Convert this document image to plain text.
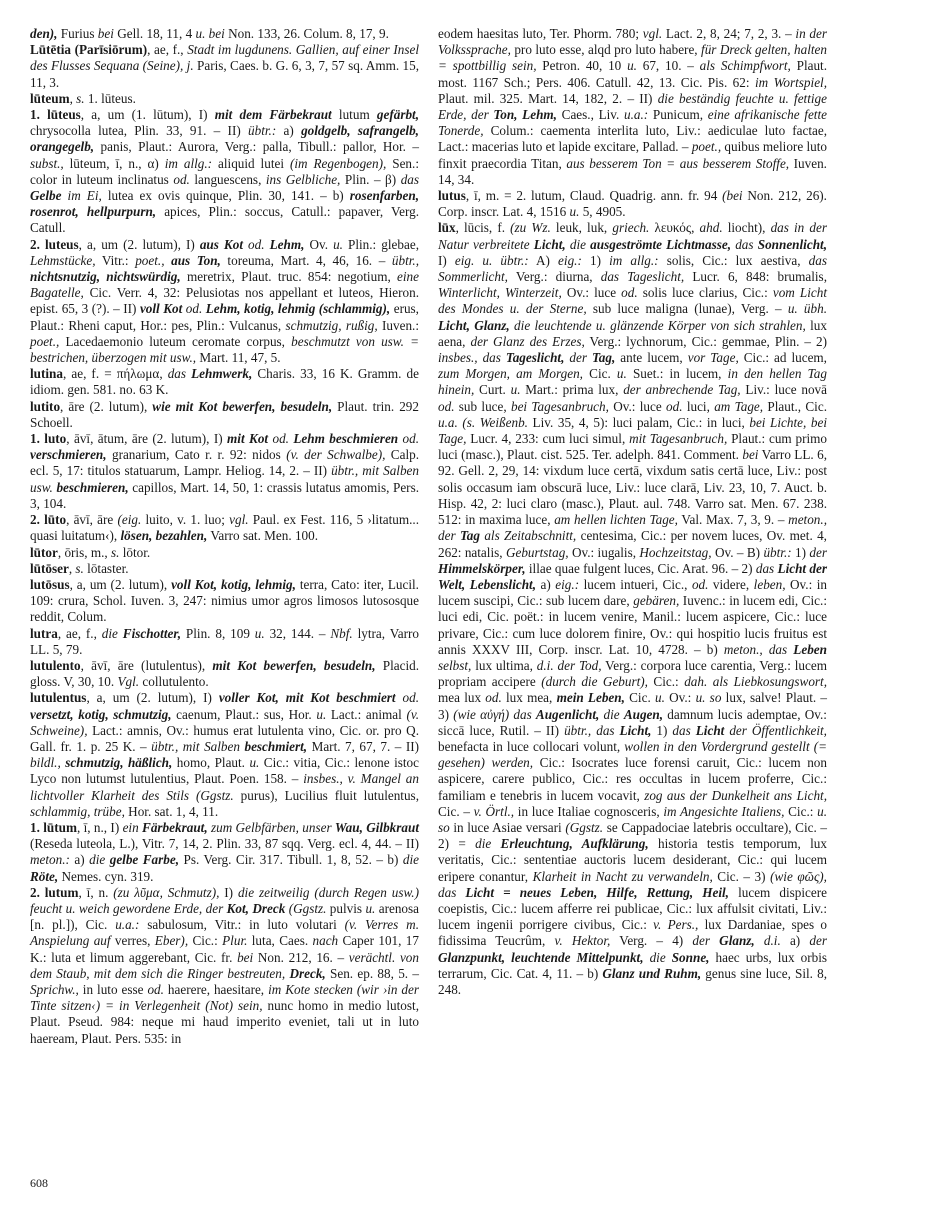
den), Furius bei Gell. 18, 11, 4 u. bei Non. 133, 26. Colum. 8, 17, 9.

Lūtētia (Parīsiōrum), ae, f., Stadt im lugdunens. Gallien, auf einer Insel des Flusses Sequana (Seine), j. Paris, Caes. b. G. 6, 3, 7, 57 sq. Amm. 15, 11, 3.

lūteum, s. 1. lūteus.

1. lūteus, a, um (1. lūtum), I) mit dem Färbekraut lutum gefärbt, chrysocolla lutea, Plin. 33, 91. – II) übtr.: a) goldgelb, safrangelb, orangegelb, panis, Plaut.: Aurora, Verg.: palla, Tibull.: pallor, Hor. – subst., lūteum, ī, n., α) im allg.: aliquid lutei (im Regenbogen), Sen.: color in luteum inclinatus od. languescens, ins Gelbliche, Plin. – β) das Gelbe im Ei, lutea ex ovis quinque, Plin. 30, 141. – b) rosenfarben, rosenrot, hellpurpurn, apices, Plin.: soccus, Catull.: papaver, Verg. Catull.

2. luteus, a, um (2. lutum), I) aus Kot od. Lehm, Ov. u. Plin.: glebae, Lehmstücke, Vitr.: poet., aus Ton, toreuma, Mart. 4, 46, 16. – übtr., nichtsnutzig, nichtswürdig, meretrix, Plaut. truc. 854: negotium, eine Bagatelle, Cic. Verr. 4, 32: Pelusiotas nos appellant et luteos, Hieron. epist. 65, 3 (?). – II) voll Kot od. Lehm, kotig, lehmig (schlammig), erus, Plaut.: Rheni caput, Hor.: pes, Plin.: Vulcanus, schmutzig, rußig, Iuven.: poet., Lacedaemonio luteum ceromate corpus, beschmutzt von usw. = bestrichen, überzogen mit usw., Mart. 11, 47, 5.

lutina, ae, f. = πήλωμα, das Lehmwerk, Charis. 33, 16 K. Gramm. de idiom. gen. 581. no. 63 K.

lutito, āre (2. lutum), wie mit Kot bewerfen, besudeln, Plaut. trin. 292 Schoell.

1. luto, āvī, ātum, āre (2. lutum), I) mit Kot od. Lehm beschmieren od. verschmieren, granarium, Cato r. r. 92: nidos (v. der Schwalbe), Calp. ecl. 5, 17: titulos statuarum, Lampr. Heliog. 14, 2. – II) übtr., mit Salben usw. beschmieren, capillos, Mart. 14, 50, 1: crassis lutatus amomis, Pers. 3, 104.

2. lūto, āvī, āre (eig. luito, v. 1. luo; vgl. Paul. ex Fest. 116, 5 ›litatum... quasi luitatum‹), lösen, bezahlen, Varro sat. Men. 100.

lūtor, ōris, m., s. lōtor.

lūtōser, s. lōtaster.

lutōsus, a, um (2. lutum), voll Kot, kotig, lehmig, terra, Cato: iter, Lucil. 109: crura, Schol. Iuven. 3, 247: nimius umor agros limosos lutososque reddit, Colum.

lutra, ae, f., die Fischotter, Plin. 8, 109 u. 32, 144. – Nbf. lytra, Varro LL. 5, 79.

lutulento, āvī, āre (lutulentus), mit Kot bewerfen, besudeln, Placid. gloss. V, 30, 10. Vgl. collutulento.

lutulentus, a, um (2. lutum), I) voller Kot, mit Kot beschmiert od. versetzt, kotig, schmutzig, caenum, Plaut.: sus, Hor. u. Lact.: animal (v. Schweine), Lact.: amnis, Ov.: humus erat lutulenta vino, Cic. or. pro Q. Gall. fr. 1. p. 25 K. – übtr., mit Salben beschmiert, Mart. 7, 67, 7. – II) bildl., schmutzig, häßlich, homo, Plaut. u. Cic.: vitia, Cic.: lenone istoc Lyco non lutumst lutulentius, Plaut. Poen. 158. – insbes., v. Mangel an lichtvoller Klarheit des Stils (Ggstz. purus), Lucilius fluit lutulentus, schlammig, trübe, Hor. sat. 1, 4, 11.

1. lūtum, ī, n., I) ein Färbekraut, zum Gelbfärben, unser Wau, Gilbkraut (Reseda luteola, L.), Vitr. 7, 14, 2. Plin. 33, 87 sqq. Verg. ecl. 4, 44. – II) meton.: a) die gelbe Farbe, Ps. Verg. Cir. 317. Tibull. 1, 8, 52. – b) die Röte, Nemes. cyn. 319.

2. lutum, ī, n. (zu λῦμα, Schmutz), I) die zeitweilig (durch Regen usw.) feucht u. weich gewordene Erde, der Kot, Dreck (Ggstz. pulvis u. arenosa [n. pl.]), Cic. u.a.: sabulosum, Vitr.: in luto volutari (v. Verres m. Anspielung auf verres, Eber), Cic.: Plur. luta, Caes. nach Caper 101, 17 K.: luta et limum aggerebant, Cic. fr. bei Non. 212, 16. – verächtl. von dem Staub, mit dem sich die Ringer bestreuten, Dreck, Sen. ep. 88, 5. – Sprichw., in luto esse od. haerere, haesitare, im Kote stecken (wir ›in der Tinte sitzen‹) = in Verlegenheit (Not) sein, nunc homo in medio lutost, Plaut. Pseud. 984: neque mi haud imperito eveniet, tali ut in luto haeream, Plaut. Pers. 535: in

eodem haesitas luto, Ter. Phorm. 780; vgl. Lact. 2, 8, 24; 7, 2, 3. – in der Volkssprache, pro luto esse, alqd pro luto habere, für Dreck gelten, halten = spottbillig sein, Petron. 40, 10 u. 67, 10. – als Schimpfwort, Plaut. most. 1167 Sch.; Pers. 406. Catull. 42, 13. Cic. Pis. 62: im Wortspiel, Plaut. mil. 325. Mart. 14, 182, 2. – II) die beständig feuchte u. fettige Erde, der Ton, Lehm, Caes., Liv. u.a.: Punicum, eine afrikanische fette Tonerde, Colum.: caementa interlita luto, Liv.: aediculae luto factae, Lact.: macerias luto et lapide excitare, Pallad. – poet., quibus meliore luto finxit praecordia Titan, aus besserem Ton = aus besserem Stoffe, Iuven. 14, 34.

lutus, ī, m. = 2. lutum, Claud. Quadrig. ann. fr. 94 (bei Non. 212, 26). Corp. inscr. Lat. 4, 1516 u. 5, 4905.

lūx, lūcis, f. (zu Wz. leuk, luk, griech. λευκός, ahd. liocht), das in der Natur verbreitete Licht, die ausgeströmte Lichtmasse, das Sonnenlicht, I) eig. u. übtr.: A) eig.: 1) im allg.: solis, Cic.: lux aestiva, das Sommerlicht, Verg.: diurna, das Tageslicht, Lucr. 6, 848: brumalis, Winterlicht, Winterzeit, Ov.: luce od. solis luce clarius, Cic.: vom Licht des Mondes u. der Sterne, sub luce maligna (lunae), Verg. – u. übh. Licht, Glanz, die leuchtende u. glänzende Körper von sich strahlen, lux aena, der Glanz des Erzes, Verg.: lychnorum, Cic.: gemmae, Plin. – 2) insbes., das Tageslicht, der Tag, ante lucem, vor Tage, Cic.: ad lucem, zum Morgen, am Morgen, Cic. u. Suet.: in lucem, in den hellen Tag hinein, Curt. u. Mart.: prima lux, der anbrechende Tag, Liv.: luce novā od. sub luce, bei Tagesanbruch, Ov.: luce od. luci, am Tage, Plaut., Cic. u.a. (s. Weißenb. Liv. 35, 4, 5): luci palam, Cic.: in luci, bei Lichte, bei Tage, Lucr. 4, 233: cum luci simul, mit Tagesanbruch, Plaut.: cum primo luci (masc.), Plaut. cist. 525. Ter. adelph. 841. Comment. bei Varro LL. 6, 92. Gell. 2, 29, 14: vixdum luce certā, vixdum satis certā luce, Liv.: post solis occasum iam obscurā luce, Liv.: luce clarā, Liv. 23, 10, 7. Auct. b. Hisp. 42, 2: luci claro (masc.), Plaut. aul. 748. Varro sat. Men. 67. 238. 512: in maxima luce, am hellen lichten Tage, Val. Max. 7, 3, 9. – meton., der Tag als Zeitabschnitt, centesima, Cic.: per novem luces, Ov. met. 4, 262: natalis, Geburtstag, Ov.: iugalis, Hochzeitstag, Ov. – B) übtr.: 1) der Himmelskörper, illae quae fulgent luces, Cic. Arat. 96. – 2) das Licht der Welt, Lebenslicht, a) eig.: lucem intueri, Cic., od. videre, leben, Ov.: in lucem suscipi, Cic.: sub lucem dare, gebären, Iuvenc.: in lucem edi, Cic.: luci edi, Cic. poët.: in lucem venire, Manil.: lucem aspicere, Cic.: luce privare, Cic.: cum luce dolorem finire, Ov.: qui hospitio lucis fruitus est annis XXXV III, Corp. inscr. Lat. 10, 4728. – b) meton., das Leben selbst, lux ultima, d.i. der Tod, Verg.: corpora luce carentia, Verg.: lucem propriam accipere (durch die Geburt), Cic.: dah. als Liebkosungswort, mea lux od. lux mea, mein Leben, Cic. u. Ov.: u. so lux, salve! Plaut. – 3) (wie αὐγή) das Augenlicht, die Augen, damnum lucis ademptae, Ov.: siccā luce, Rutil. – II) übtr., das Licht, 1) das Licht der Öffentlichkeit, benefacta in luce collocari volunt, wollen in den Vordergrund gestellt (= gesehen) werden, Cic.: Isocrates luce forensi caruit, Cic.: lucem non aspicere, carere publico, Cic.: res occultas in lucem proferre, Cic.: familiam e tenebris in lucem vocavit, zog aus der Dunkelheit ans Licht, Cic. – v. Örtl., in luce Italiae cognosceris, im Angesichte Italiens, Cic.: u. so in luce Asiae versari (Ggstz. se Cappadociae latebris occultare), Cic. – 2) = die Erleuchtung, Aufklärung, historia testis temporum, lux veritatis, Cic.: sententiae auctoris lucem desiderant, Cic.: qui lucem eripere conantur, Klarheit in Nacht zu verwandeln, Cic. – 3) (wie φῶς), das Licht = neues Leben, Hilfe, Rettung, Heil, lucem dispicere coepistis, Cic.: lucem afferre rei publicae, Cic.: lux affulsit civitati, Liv.: lucem ingenii porrigere civibus, Cic.: v. Pers., lux Dardaniae, spes o fidissima Teucrûm, v. Hektor, Verg. – 4) der Glanz, d.i. a) der Glanzpunkt, leuchtende Mittelpunkt, die Sonne, haec urbs, lux orbis terrarum, Cic. Cat. 4, 11. – b) Glanz und Ruhm, genus sine luce, Sil. 8, 248.

608
